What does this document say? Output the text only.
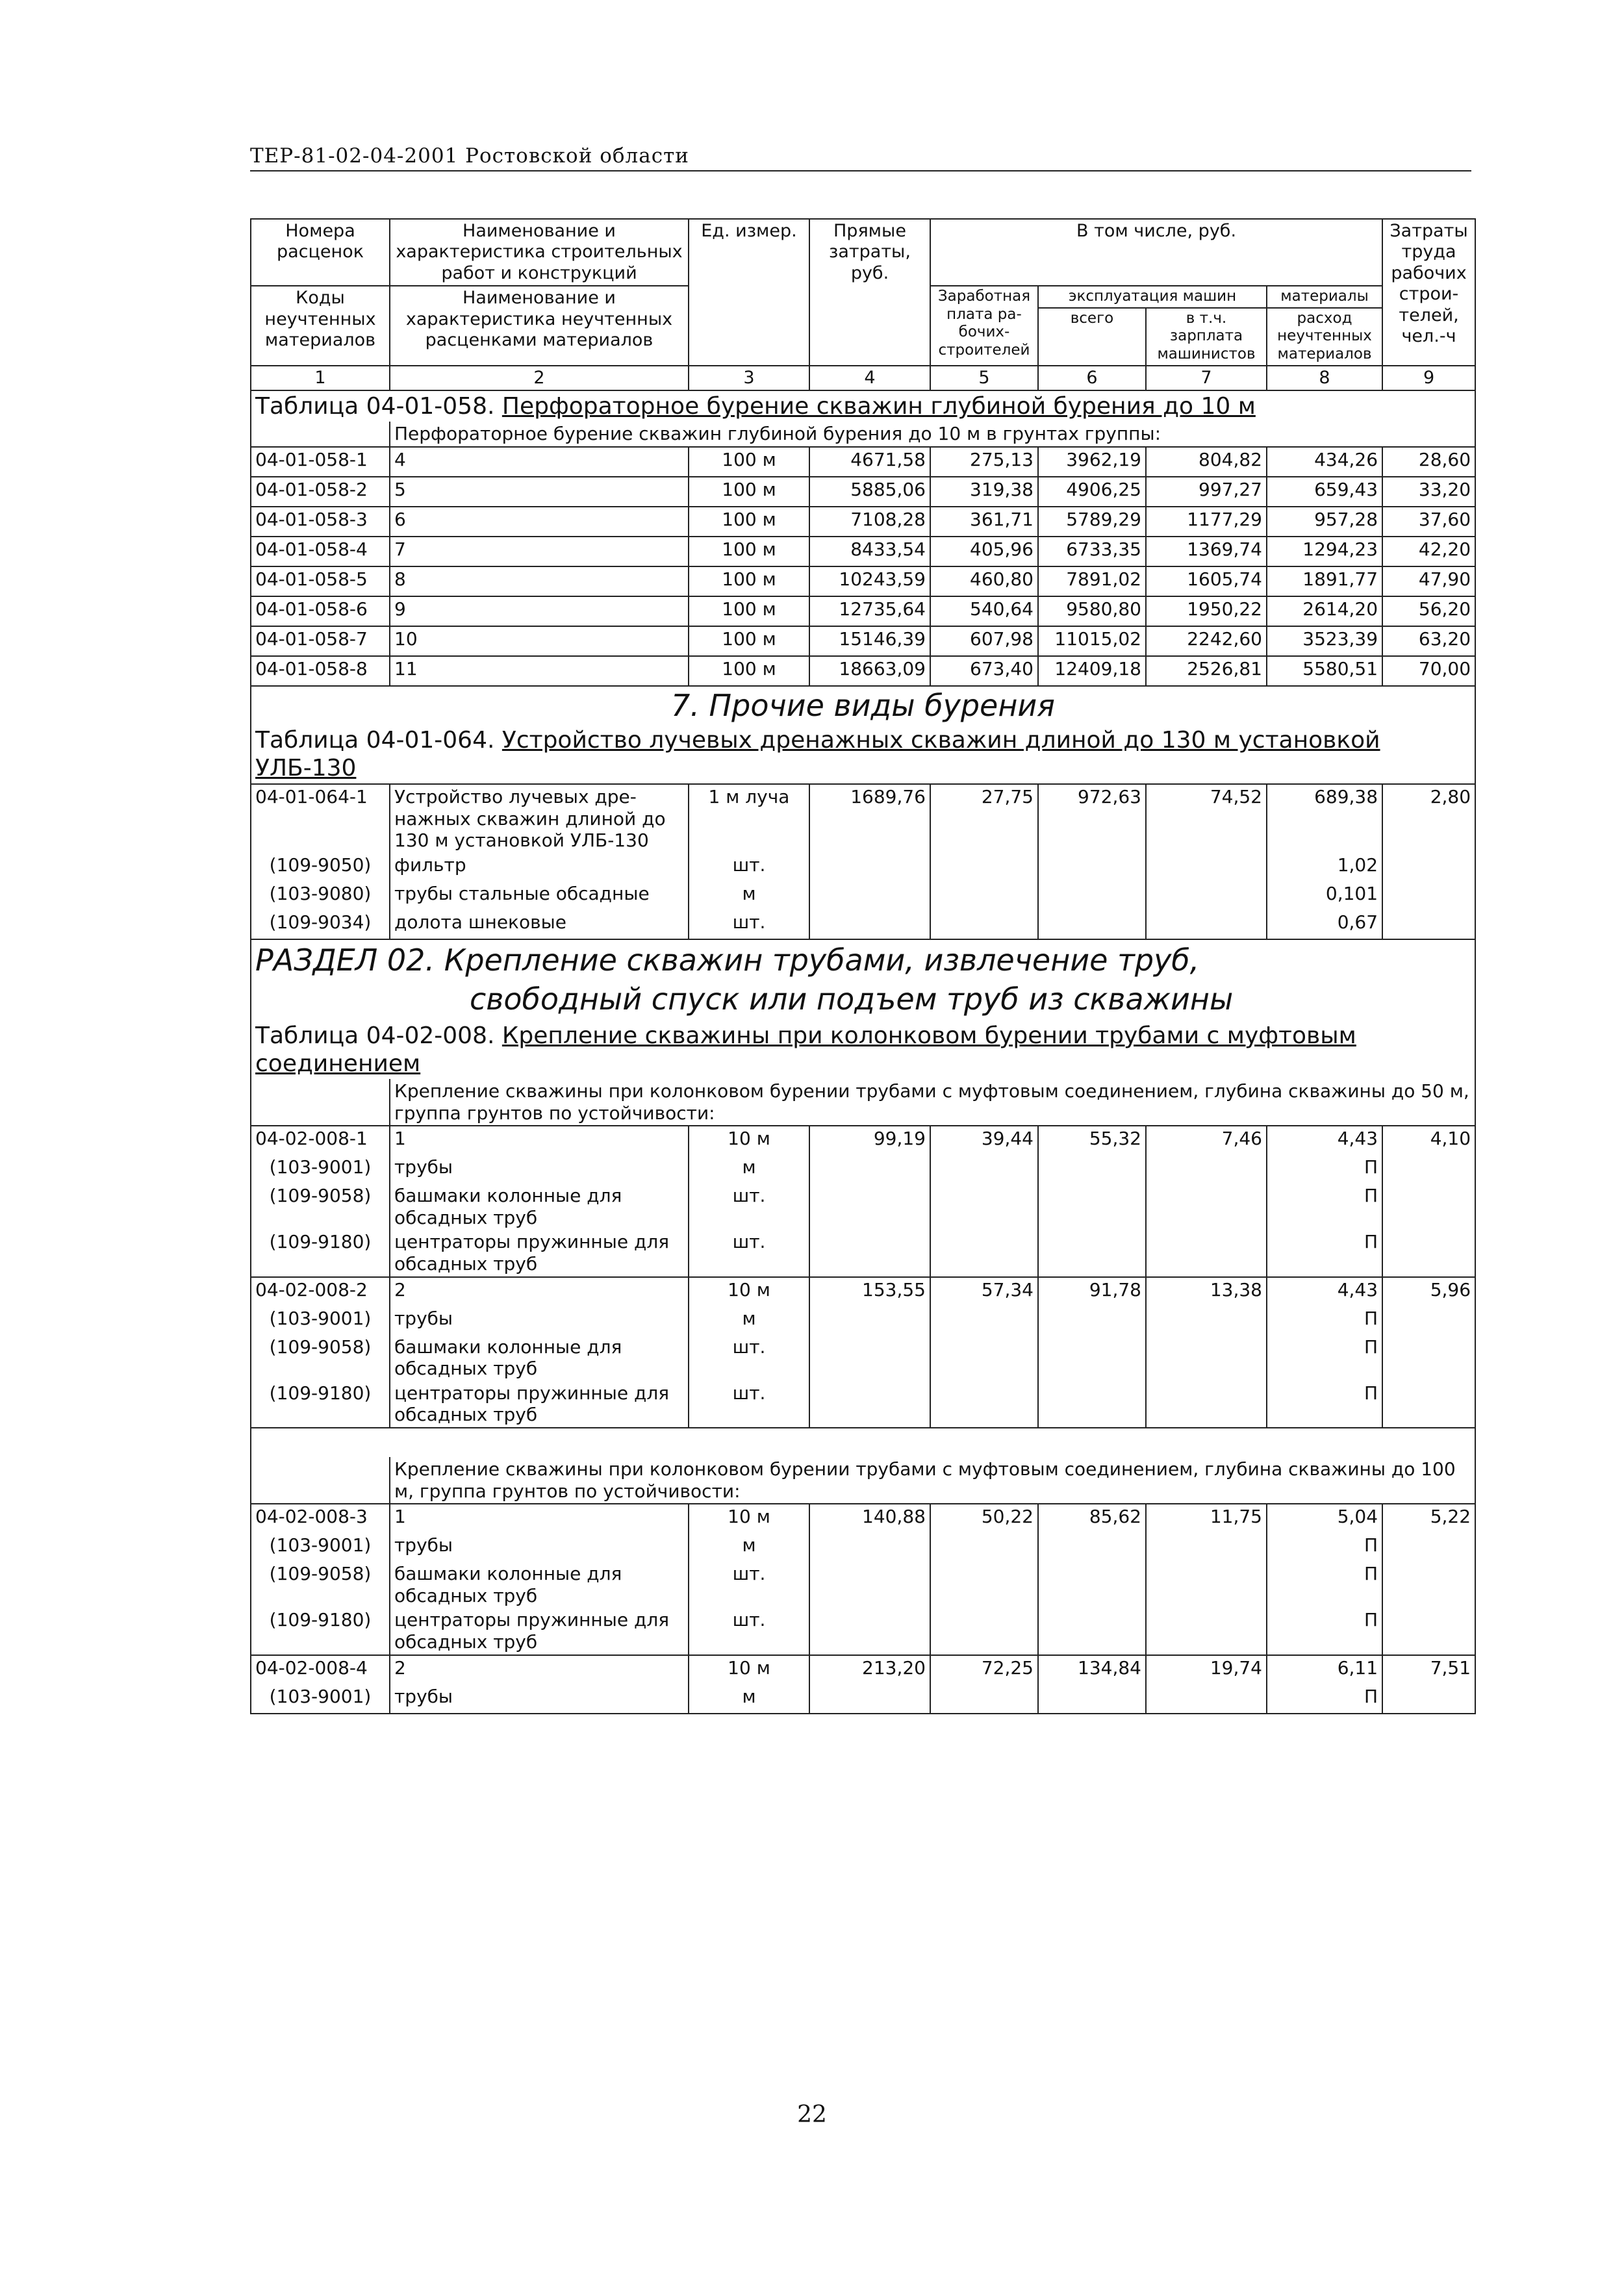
ТЕР-81-02-04-2001 Ростовской области
Номера расценок	Наименование и характеристика строительных работ и конструкций	Ед. измер.	Прямые затраты, руб.	В том числе, руб.				Затраты труда рабочих строи-телей, чел.-ч
Коды неучтенных материалов	Наименование и характеристика неучтенных расценками материалов			Заработная плата ра-бочих-строителей	эксплуатация машин		материалы	
					всего	в т.ч. зарплата машинистов	расход неучтенных материалов	
1	2	3	4	5	6	7	8	9
Таблица 04-01-058. Перфораторное бурение скважин глубиной бурения до 10 м								
	Перфораторное бурение скважин глубиной бурения до 10 м в грунтах группы:							
04-01-058-1	4	100 м	4671,58	275,13	3962,19	804,82	434,26	28,60
04-01-058-2	5	100 м	5885,06	319,38	4906,25	997,27	659,43	33,20
04-01-058-3	6	100 м	7108,28	361,71	5789,29	1177,29	957,28	37,60
04-01-058-4	7	100 м	8433,54	405,96	6733,35	1369,74	1294,23	42,20
04-01-058-5	8	100 м	10243,59	460,80	7891,02	1605,74	1891,77	47,90
04-01-058-6	9	100 м	12735,64	540,64	9580,80	1950,22	2614,20	56,20
04-01-058-7	10	100 м	15146,39	607,98	11015,02	2242,60	3523,39	63,20
04-01-058-8	11	100 м	18663,09	673,40	12409,18	2526,81	5580,51	70,00
7. Прочие виды бурения								
Таблица 04-01-064. Устройство лучевых дренажных скважин длиной до 130 м установкой УЛБ-130								
04-01-064-1	Устройство лучевых дре-нажных скважин длиной до 130 м установкой УЛБ-130	1 м луча	1689,76	27,75	972,63	74,52	689,38	2,80
(109-9050)	фильтр	шт.					1,02	
(103-9080)	трубы стальные обсадные	м					0,101	
(109-9034)	долота шнековые	шт.					0,67	

РАЗДЕЛ 02. Крепление скважин трубами, извлечение труб,
свободный спуск или подъем труб из скважины								

Таблица 04-02-008. Крепление скважины при колонковом бурении трубами с муфтовым соединением								
	Крепление скважины при колонковом бурении трубами с муфтовым соединением, глубина скважины до 50 м, группа грунтов по устойчивости:							
04-02-008-1	1	10 м	99,19	39,44	55,32	7,46	4,43	4,10
(103-9001)	трубы	м					П	
(109-9058)	башмаки колонные для обсадных труб	шт.					П	
(109-9180)	центраторы пружинные для обсадных труб	шт.					П	
04-02-008-2	2	10 м	153,55	57,34	91,78	13,38	4,43	5,96
(103-9001)	трубы	м					П	
(109-9058)	башмаки колонные для обсадных труб	шт.					П	
(109-9180)	центраторы пружинные для обсадных труб	шт.					П	

	Крепление скважины при колонковом бурении трубами с муфтовым соединением, глубина скважины до 100 м, группа грунтов по устойчивости:							
04-02-008-3	1	10 м	140,88	50,22	85,62	11,75	5,04	5,22
(103-9001)	трубы	м					П	
(109-9058)	башмаки колонные для обсадных труб	шт.					П	
(109-9180)	центраторы пружинные для обсадных труб	шт.					П	
04-02-008-4	2	10 м	213,20	72,25	134,84	19,74	6,11	7,51
(103-9001)	трубы	м					П	
22
